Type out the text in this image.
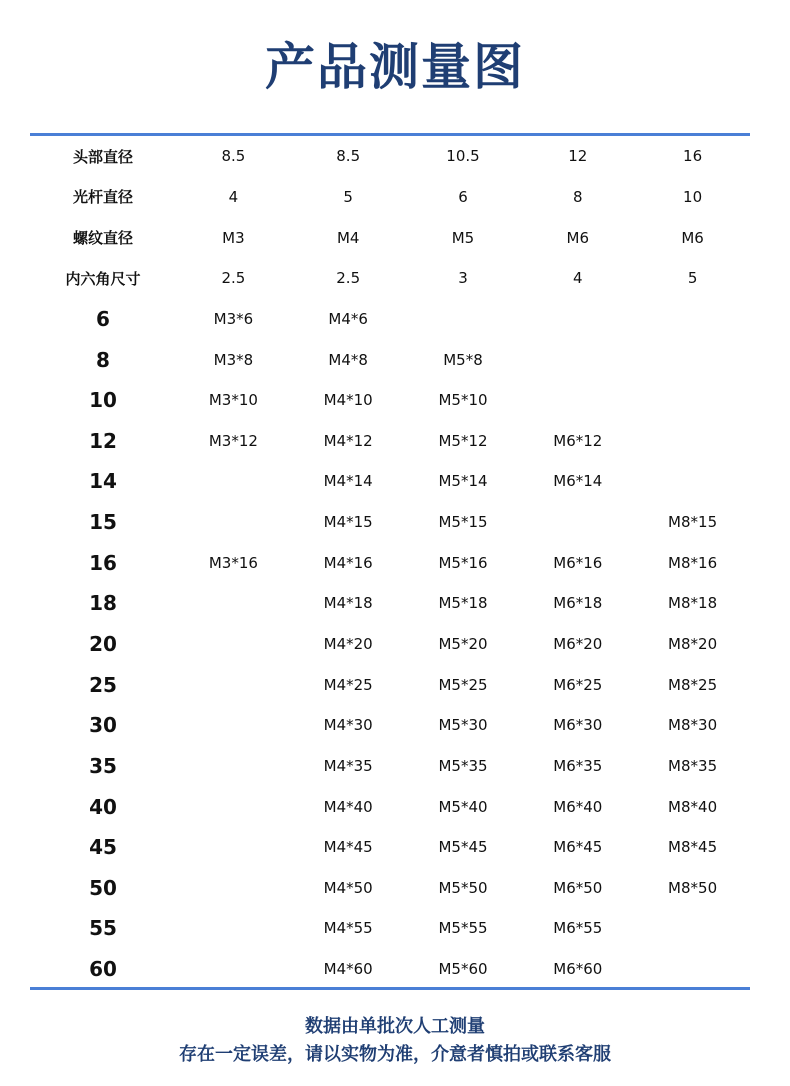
产品测量图
头部直径	8.5	8.5	10.5	12	16
光杆直径	4	5	6	8	10
螺纹直径	M3	M4	M5	M6	M6
内六角尺寸	2.5	2.5	3	4	5
6	M3*6	M4*6			
8	M3*8	M4*8	M5*8		
10	M3*10	M4*10	M5*10		
12	M3*12	M4*12	M5*12	M6*12	
14		M4*14	M5*14	M6*14	
15		M4*15	M5*15		M8*15
16	M3*16	M4*16	M5*16	M6*16	M8*16
18		M4*18	M5*18	M6*18	M8*18
20		M4*20	M5*20	M6*20	M8*20
25		M4*25	M5*25	M6*25	M8*25
30		M4*30	M5*30	M6*30	M8*30
35		M4*35	M5*35	M6*35	M8*35
40		M4*40	M5*40	M6*40	M8*40
45		M4*45	M5*45	M6*45	M8*45
50		M4*50	M5*50	M6*50	M8*50
55		M4*55	M5*55	M6*55	
60		M4*60	M5*60	M6*60	
数据由单批次人工测量
存在一定误差，请以实物为准，介意者慎拍或联系客服
